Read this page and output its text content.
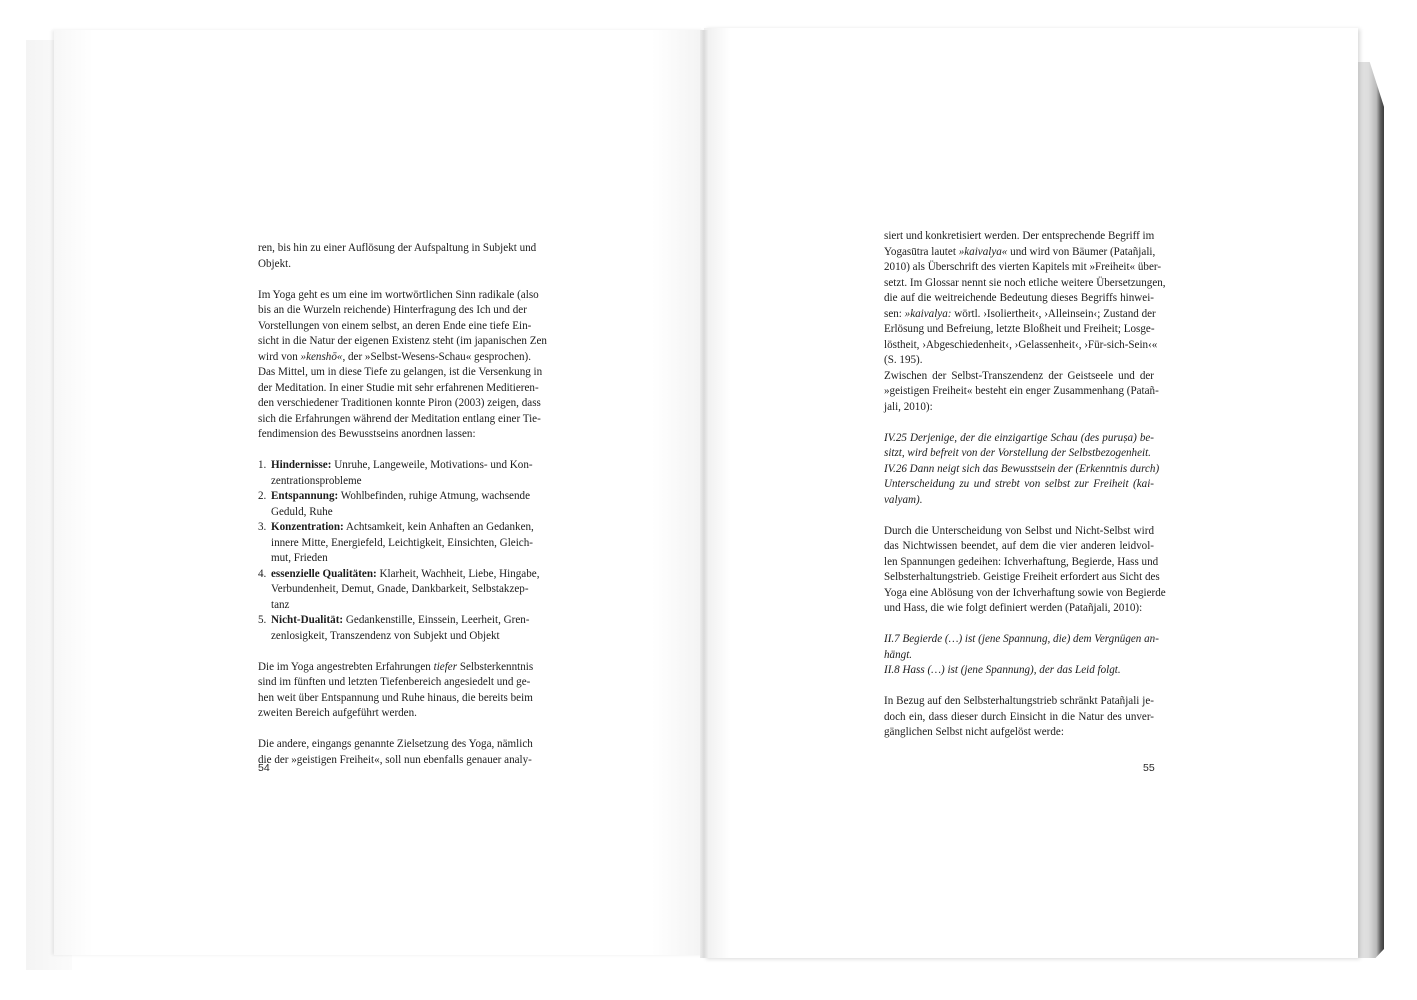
ren, bis hin zu einer Auflösung der Aufspaltung in Subjekt und
Objekt.

Im Yoga geht es um eine im wortwörtlichen Sinn radikale (also
bis an die Wurzeln reichende) Hinterfragung des Ich und der
Vorstellungen von einem selbst, an deren Ende eine tiefe Ein-
sicht in die Natur der eigenen Existenz steht (im japanischen Zen
wird von »kenshō«, der »Selbst-Wesens-Schau« gesprochen).
Das Mittel, um in diese Tiefe zu gelangen, ist die Versenkung in
der Meditation. In einer Studie mit sehr erfahrenen Meditieren-
den verschiedener Traditionen konnte Piron (2003) zeigen, dass
sich die Erfahrungen während der Meditation entlang einer Tie-
fendimension des Bewusstseins anordnen lassen:

1. Hindernisse: Unruhe, Langeweile, Motivations- und Kon-
zentrationsprobleme
2. Entspannung: Wohlbefinden, ruhige Atmung, wachsende
Geduld, Ruhe
3. Konzentration: Achtsamkeit, kein Anhaften an Gedanken,
innere Mitte, Energiefeld, Leichtigkeit, Einsichten, Gleich-
mut, Frieden
4. essenzielle Qualitäten: Klarheit, Wachheit, Liebe, Hingabe,
Verbundenheit, Demut, Gnade, Dankbarkeit, Selbstakzep-
tanz
5. Nicht-Dualität: Gedankenstille, Einssein, Leerheit, Gren-
zenlosigkeit, Transzendenz von Subjekt und Objekt

Die im Yoga angestrebten Erfahrungen tiefer Selbsterkenntnis
sind im fünften und letzten Tiefenbereich angesiedelt und ge-
hen weit über Entspannung und Ruhe hinaus, die bereits beim
zweiten Bereich aufgeführt werden.

Die andere, eingangs genannte Zielsetzung des Yoga, nämlich
die der »geistigen Freiheit«, soll nun ebenfalls genauer analy-

54

siert und konkretisiert werden. Der entsprechende Begriff im
Yogasūtra lautet »kaivalya« und wird von Bäumer (Patañjali,
2010) als Überschrift des vierten Kapitels mit »Freiheit« über-
setzt. Im Glossar nennt sie noch etliche weitere Übersetzungen,
die auf die weitreichende Bedeutung dieses Begriffs hinwei-
sen: »kaivalya: wörtl. ›Isoliertheit‹, ›Alleinsein‹; Zustand der
Erlösung und Befreiung, letzte Bloßheit und Freiheit; Losge-
löstheit, ›Abgeschiedenheit‹, ›Gelassenheit‹, ›Für-sich-Sein‹«
(S. 195).
Zwischen der Selbst-Transzendenz der Geistseele und der
»geistigen Freiheit« besteht ein enger Zusammenhang (Patañ-
jali, 2010):

IV.25 Derjenige, der die einzigartige Schau (des puruṣa) be-
sitzt, wird befreit von der Vorstellung der Selbstbezogenheit.
IV.26 Dann neigt sich das Bewusstsein der (Erkenntnis durch)
Unterscheidung zu und strebt von selbst zur Freiheit (kai-
valyam).

Durch die Unterscheidung von Selbst und Nicht-Selbst wird
das Nichtwissen beendet, auf dem die vier anderen leidvol-
len Spannungen gedeihen: Ichverhaftung, Begierde, Hass und
Selbsterhaltungstrieb. Geistige Freiheit erfordert aus Sicht des
Yoga eine Ablösung von der Ichverhaftung sowie von Begierde
und Hass, die wie folgt definiert werden (Patañjali, 2010):

II.7 Begierde (…) ist (jene Spannung, die) dem Vergnügen an-
hängt.
II.8 Hass (…) ist (jene Spannung), der das Leid folgt.

In Bezug auf den Selbsterhaltungstrieb schränkt Patañjali je-
doch ein, dass dieser durch Einsicht in die Natur des unver-
gänglichen Selbst nicht aufgelöst werde:

55
